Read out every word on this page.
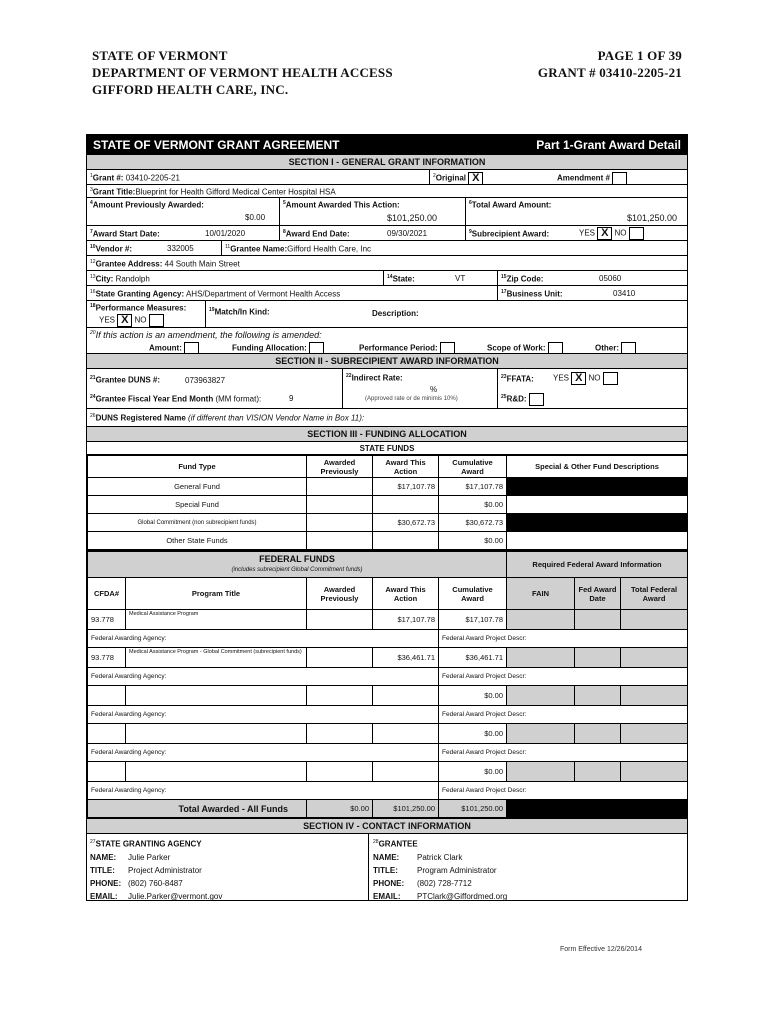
STATE OF VERMONT
DEPARTMENT OF VERMONT HEALTH ACCESS
GIFFORD HEALTH CARE, INC.
PAGE 1 OF 39
GRANT # 03410-2205-21
STATE OF VERMONT GRANT AGREEMENT	Part 1-Grant Award Detail
SECTION I - GENERAL GRANT INFORMATION
$^1$Grant #: 03410-2205-21	$^2$Original X	Amendment #
$^3$Grant Title:Blueprint for Health Gifford Medical Center Hospital HSA
$^4$Amount Previously Awarded:
$0.00
$^5$Amount Awarded This Action:
$101,250.00
$^6$Total Award Amount:
$101,250.00
$^7$Award Start Date:	10/01/2020	$^8$Award End Date:	09/30/2021	$^9$Subrecipient Award:	YES X NO
$^{10}$Vendor #:	332005	$^{11}$Grantee Name:Gifford Health Care, Inc
$^{12}$Grantee Address: 44 South Main Street
$^{13}$City: Randolph	$^{14}$State:	VT	$^{15}$Zip Code:	05060
$^{16}$State Granting Agency: AHS/Department of Vermont Health Access	$^{17}$Business Unit:	03410
$^{18}$Performance Measures:
YES X NO
$^{19}$Match/In Kind:	Description:
$^{20}$If this action is an amendment, the following is amended:
Amount:	Funding Allocation:	Performance Period:	Scope of Work:	Other:
SECTION II - SUBRECIPIENT AWARD INFORMATION
$^{21}$Grantee DUNS #:	073963827
$^{24}$Grantee Fiscal Year End Month (MM format):	9
$^{22}$Indirect Rate:
%
(Approved rate or de minimis 10%)
$^{23}$FFATA: YES X NO
$^{25}$R&D:
$^{26}$DUNS Registered Name (if different than VISION Vendor Name in Box 11):
SECTION III - FUNDING ALLOCATION
STATE FUNDS
Fund Type	Awarded Previously	Award This Action	Cumulative Award	Special & Other Fund Descriptions
General Fund		$17,107.78	$17,107.78	
Special Fund			$0.00	
Global Commitment (non subrecipient funds)		$30,672.73	$30,672.73	
Other State Funds			$0.00	
FEDERAL FUNDS
(includes subrecipient Global Commitment funds)					Required Federal Award Information		
CFDA#	Program Title	Awarded Previously	Award This Action	Cumulative Award	FAIN	Fed Award Date	Total Federal Award
93.778	Medical Assistance Program		$17,107.78	$17,107.78			
Federal Awarding Agency:				Federal Award Project Descr:			
93.778	Medical Assistance Program - Global Commitment (subrecipient funds)		$36,461.71	$36,461.71			
Federal Awarding Agency:				Federal Award Project Descr:			
				$0.00			
Federal Awarding Agency:				Federal Award Project Descr:			
				$0.00			
Federal Awarding Agency:				Federal Award Project Descr:			
				$0.00			
Federal Awarding Agency:				Federal Award Project Descr:			
Total Awarded - All Funds		$0.00	$101,250.00	$101,250.00			
SECTION IV - CONTACT INFORMATION
$^{27}$STATE GRANTING AGENCY
NAME: Julie Parker
TITLE: Project Administrator
PHONE: (802) 760-8487
EMAIL: Julie.Parker@vermont.gov
$^{28}$GRANTEE
NAME: Patrick Clark
TITLE: Program Administrator
PHONE: (802) 728-7712
EMAIL: PTClark@Giffordmed.org
Form Effective 12/26/2014
